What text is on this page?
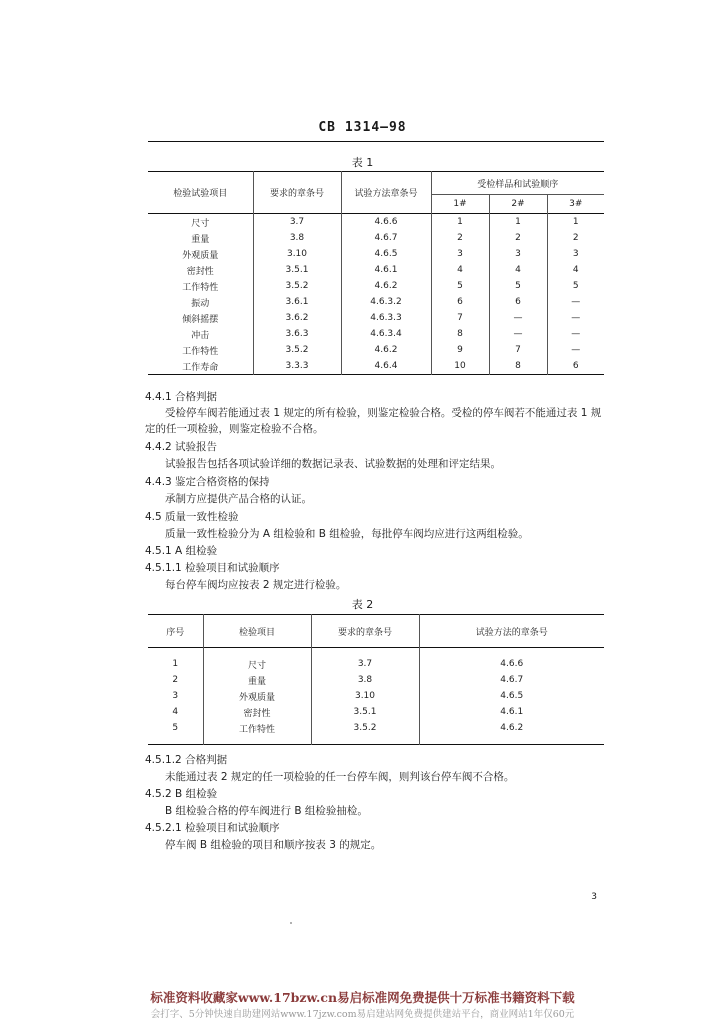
CB 1314—98
表 1
检验试验项目	要求的章条号	试验方法章条号	受检样品和试验顺序		
			1#	2#	3#
尺寸	3.7	4.6.6	1	1	1
重量	3.8	4.6.7	2	2	2
外观质量	3.10	4.6.5	3	3	3
密封性	3.5.1	4.6.1	4	4	4
工作特性	3.5.2	4.6.2	5	5	5
振动	3.6.1	4.6.3.2	6	6	—
倾斜摇摆	3.6.2	4.6.3.3	7	—	—
冲击	3.6.3	4.6.3.4	8	—	—
工作特性	3.5.2	4.6.2	9	7	—
工作寿命	3.3.3	4.6.4	10	8	6
4.4.1 合格判据
受检停车阀若能通过表 1 规定的所有检验，则鉴定检验合格。受检的停车阀若不能通过表 1 规定的任一项检验，则鉴定检验不合格。
4.4.2 试验报告
试验报告包括各项试验详细的数据记录表、试验数据的处理和评定结果。
4.4.3 鉴定合格资格的保持
承制方应提供产品合格的认证。
4.5 质量一致性检验
质量一致性检验分为 A 组检验和 B 组检验，每批停车阀均应进行这两组检验。
4.5.1 A 组检验
4.5.1.1 检验项目和试验顺序
每台停车阀均应按表 2 规定进行检验。
表 2
序号	检验项目	要求的章条号	试验方法的章条号

1	尺寸	3.7	4.6.6
2	重量	3.8	4.6.7
3	外观质量	3.10	4.6.5
4	密封性	3.5.1	4.6.1
5	工作特性	3.5.2	4.6.2

4.5.1.2 合格判据
未能通过表 2 规定的任一项检验的任一台停车阀，则判该台停车阀不合格。
4.5.2 B 组检验
B 组检验合格的停车阀进行 B 组检验抽检。
4.5.2.1 检验项目和试验顺序
停车阀 B 组检验的项目和顺序按表 3 的规定。
3
标准资料收藏家www.17bzw.cn易启标准网免费提供十万标准书籍资料下载
会打字、5分钟快速自助建网站www.17jzw.com易启建站网免费提供建站平台，商业网站1年仅60元
